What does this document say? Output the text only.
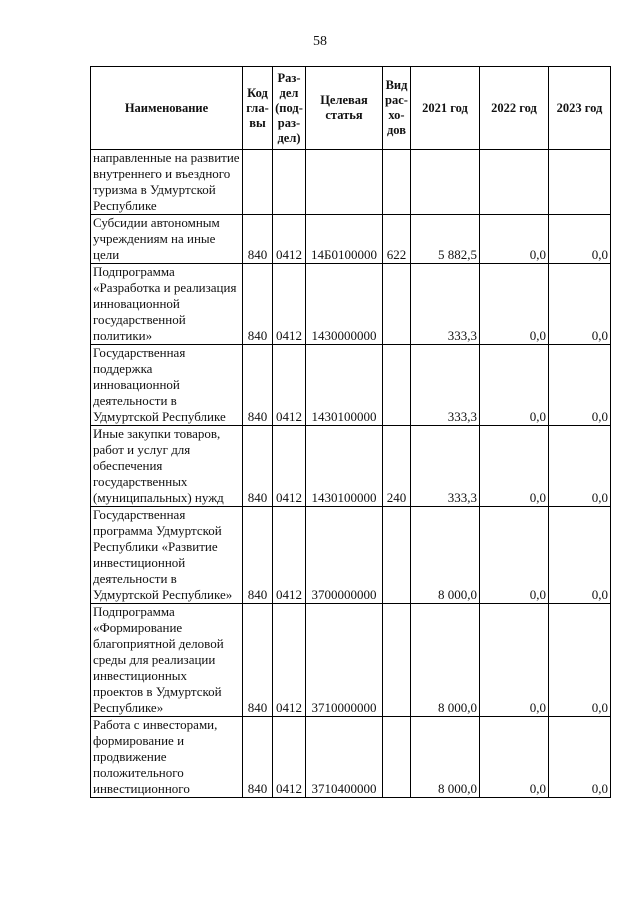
58
Наименование	Код гла-вы	Раз-дел (под-раз-дел)	Целевая статья	Вид рас-хо-дов	2021 год	2022 год	2023 год
направленные на развитие внутреннего и въездного туризма в Удмуртской Республике							
Субсидии автономным учреждениям на иные цели	840	0412	14Б0100000	622	5 882,5	0,0	0,0
Подпрограмма «Разработка и реализация инновационной государственной политики»	840	0412	1430000000		333,3	0,0	0,0
Государственная поддержка инновационной деятельности в Удмуртской Республике	840	0412	1430100000		333,3	0,0	0,0
Иные закупки товаров, работ и услуг для обеспечения государственных (муниципальных) нужд	840	0412	1430100000	240	333,3	0,0	0,0
Государственная программа Удмуртской Республики «Развитие инвестиционной деятельности в Удмуртской Республике»	840	0412	3700000000		8 000,0	0,0	0,0
Подпрограмма «Формирование благоприятной деловой среды для реализации инвестиционных проектов в Удмуртской Республике»	840	0412	3710000000		8 000,0	0,0	0,0
Работа с инвесторами, формирование и продвижение положительного инвестиционного	840	0412	3710400000		8 000,0	0,0	0,0
